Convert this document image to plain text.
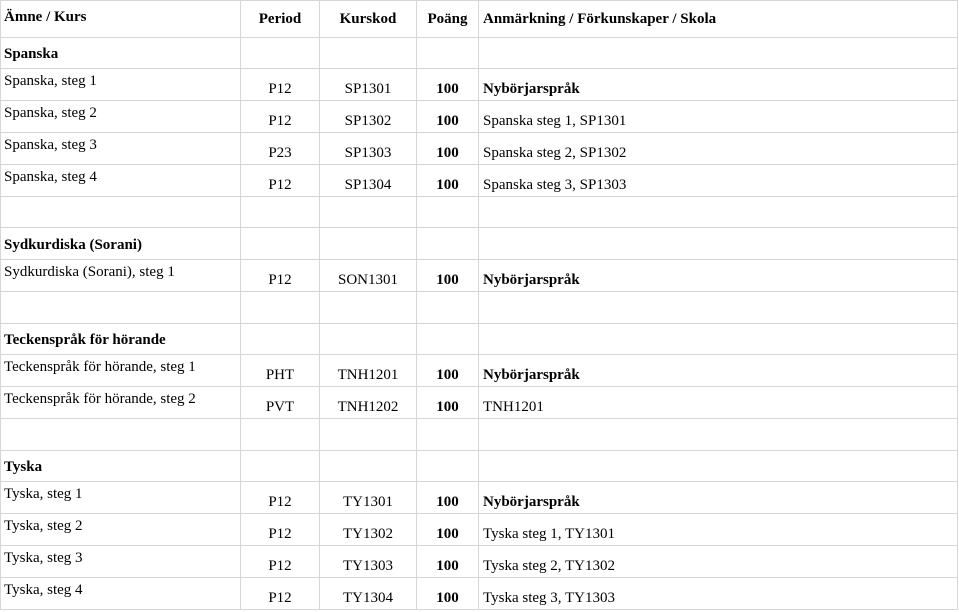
Ämne / Kurs	Period	Kurskod	Poäng	Anmärkning / Förkunskaper / Skola
Spanska
Spanska, steg 1	P12	SP1301	100	Nybörjarspråk
Spanska, steg 2	P12	SP1302	100	Spanska steg 1, SP1301
Spanska, steg 3	P23	SP1303	100	Spanska steg 2, SP1302
Spanska, steg 4	P12	SP1304	100	Spanska steg 3, SP1303
Sydkurdiska (Sorani)
Sydkurdiska (Sorani), steg 1	P12	SON1301	100	Nybörjarspråk
Teckenspråk för hörande
Teckenspråk för hörande, steg 1	PHT	TNH1201	100	Nybörjarspråk
Teckenspråk för hörande, steg 2	PVT	TNH1202	100	TNH1201
Tyska
Tyska, steg 1	P12	TY1301	100	Nybörjarspråk
Tyska, steg 2	P12	TY1302	100	Tyska steg 1, TY1301
Tyska, steg 3	P12	TY1303	100	Tyska steg 2, TY1302
Tyska, steg 4	P12	TY1304	100	Tyska steg 3, TY1303
